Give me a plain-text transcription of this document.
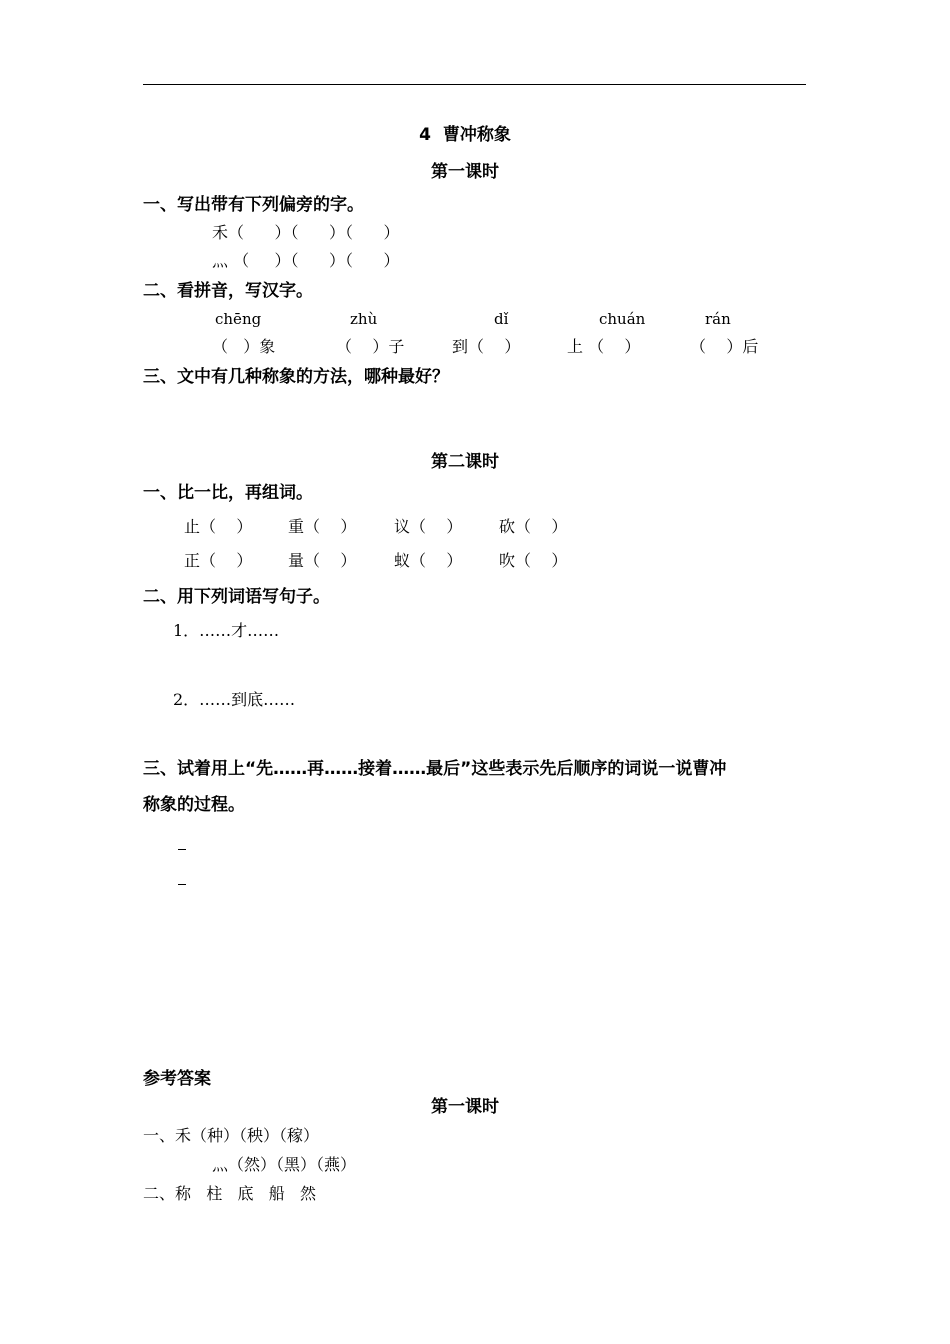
4  曹冲称象
第一课时
一、写出带有下列偏旁的字。
禾（      ）（      ）（      ）
灬 （     ）（      ）（      ）
二、看拼音，写汉字。
chēng	zhù	dǐ	chuán	rán
（   ）象	（    ）子	到（    ）	上 （    ）	（    ）后
三、文中有几种称象的方法，哪种最好？
第二课时
一、比一比，再组词。
止（    ） 重（    ） 议（    ） 砍（    ）
正（    ） 量（    ） 蚁（    ） 吹（    ）
二、用下列词语写句子。
1．……才……
2．……到底……
三、试着用上“先……再……接着……最后”这些表示先后顺序的词说一说曹冲
称象的过程。
参考答案
第一课时
一、禾（种）（秧）（稼）
灬（然）（黑）（燕）
二、称   柱   底   船   然
